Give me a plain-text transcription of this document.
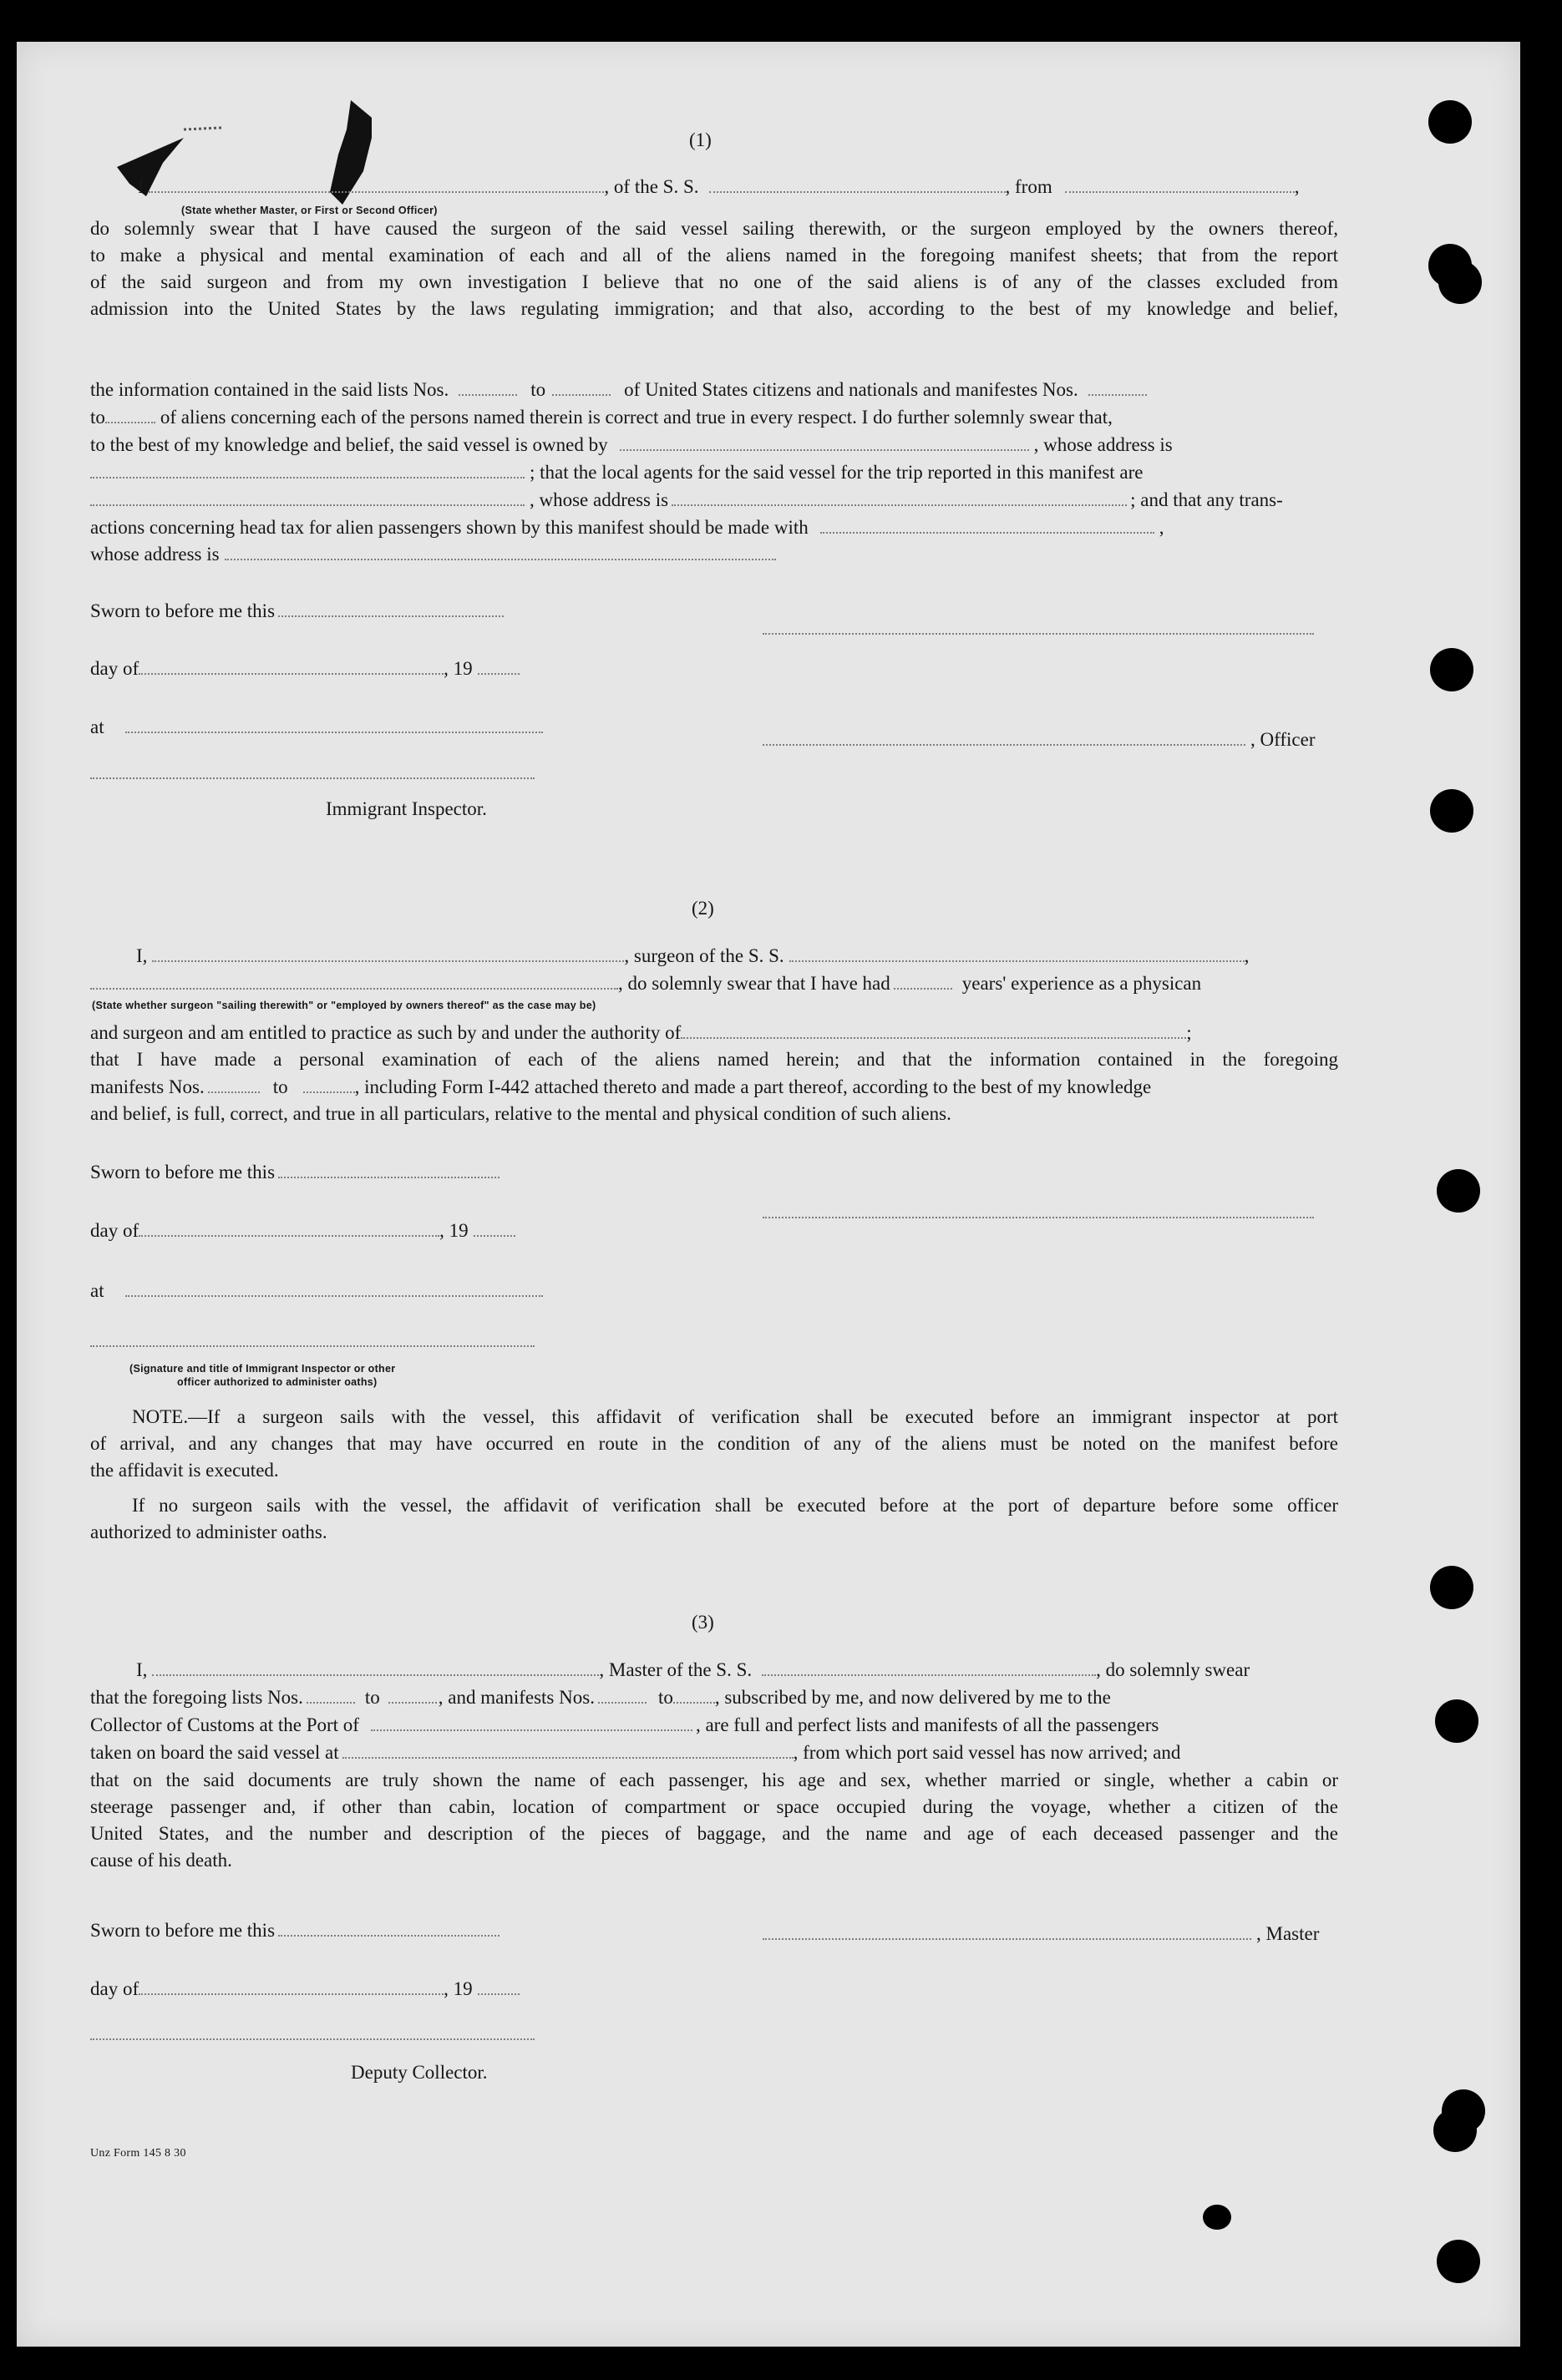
(1)
I,	, of the S. S.	, from	,
(State whether Master, or First or Second Officer)
do solemnly swear that I have caused the surgeon of the said vessel sailing therewith, or the surgeon employed by the owners thereof,
to make a physical and mental examination of each and all of the aliens named in the foregoing manifest sheets; that from the report
of the said surgeon and from my own investigation I believe that no one of the said aliens is of any of the classes excluded from
admission into the United States by the laws regulating immigration; and that also, according to the best of my knowledge and belief,
the information contained in the said lists Nos.	to	of United States citizens and nationals and manifestes Nos.
to	of aliens concerning each of the persons named therein is correct and true in every respect. I do further solemnly swear that,
to the best of my knowledge and belief, the said vessel is owned by	, whose address is
; that the local agents for the said vessel for the trip reported in this manifest are
, whose address is	; and that any trans-
actions concerning head tax for alien passengers shown by this manifest should be made with	,
whose address is
Sworn to before me this
day of	, 19
at
, Officer
Immigrant Inspector.
(2)
I,	, surgeon of the S. S.	,
, do solemnly swear that I have had	years' experience as a physican
(State whether surgeon "sailing therewith" or "employed by owners thereof" as the case may be)
and surgeon and am entitled to practice as such by and under the authority of	;
that I have made a personal examination of each of the aliens named herein; and that the information contained in the foregoing
manifests Nos.	to	, including Form I-442 attached thereto and made a part thereof, according to the best of my knowledge
and belief, is full, correct, and true in all particulars, relative to the mental and physical condition of such aliens.
Sworn to before me this
day of	, 19
at
(Signature and title of Immigrant Inspector or other
officer authorized to administer oaths)
NOTE.—If a surgeon sails with the vessel, this affidavit of verification shall be executed before an immigrant inspector at port
of arrival, and any changes that may have occurred en route in the condition of any of the aliens must be noted on the manifest before
the affidavit is executed.
If no surgeon sails with the vessel, the affidavit of verification shall be executed before at the port of departure before some officer
authorized to administer oaths.
(3)
I,	, Master of the S. S.	, do solemnly swear
that the foregoing lists Nos.	to	, and manifests Nos.	to , subscribed by me, and now delivered by me to the
Collector of Customs at the Port of	, are full and perfect lists and manifests of all the passengers
taken on board the said vessel at	, from which port said vessel has now arrived; and
that on the said documents are truly shown the name of each passenger, his age and sex, whether married or single, whether a cabin or
steerage passenger and, if other than cabin, location of compartment or space occupied during the voyage, whether a citizen of the
United States, and the number and description of the pieces of baggage, and the name and age of each deceased passenger and the
cause of his death.
Sworn to before me this	, Master
day of	, 19
Deputy Collector.
Unz Form 145 8 30
